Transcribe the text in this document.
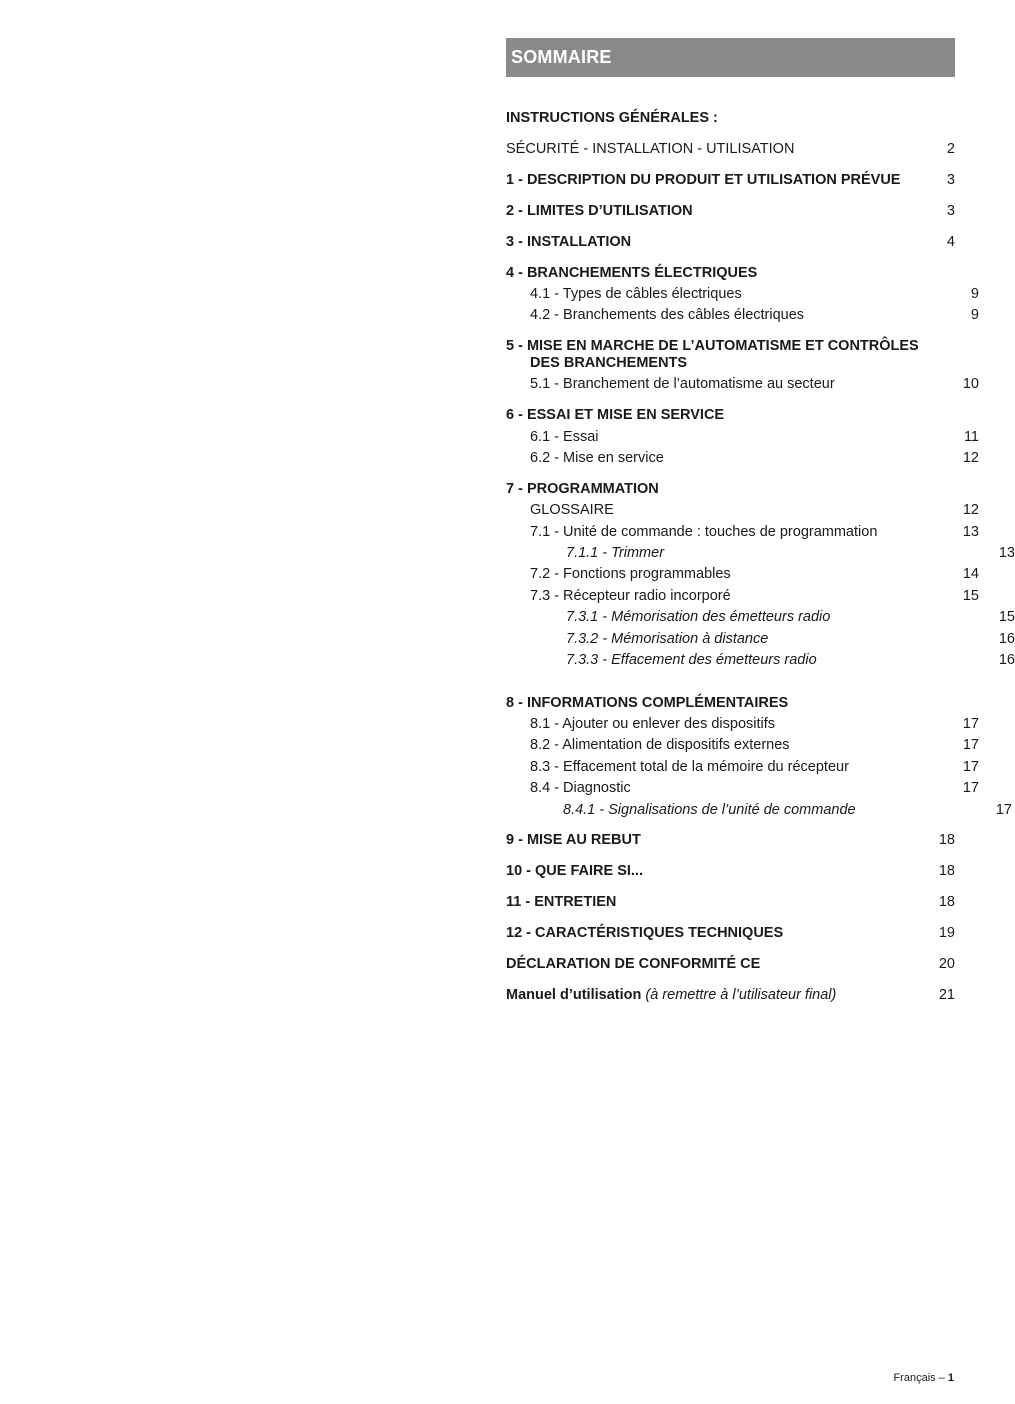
SOMMAIRE
INSTRUCTIONS GÉNÉRALES :
SÉCURITÉ - INSTALLATION - UTILISATION	2
1 - DESCRIPTION DU PRODUIT ET UTILISATION PRÉVUE	3
2 - LIMITES D’UTILISATION	3
3 - INSTALLATION	4
4 - BRANCHEMENTS ÉLECTRIQUES
4.1 - Types de câbles électriques	9
4.2 - Branchements des câbles électriques	9
5 - MISE EN MARCHE DE L’AUTOMATISME ET CONTRÔLES
DES BRANCHEMENTS
5.1 - Branchement de l’automatisme au secteur	10
6 - ESSAI ET MISE EN SERVICE
6.1 - Essai	11
6.2 - Mise en service	12
7 - PROGRAMMATION
GLOSSAIRE	12
7.1 - Unité de commande : touches de programmation	13
7.1.1 - Trimmer	13
7.2 - Fonctions programmables	14
7.3 - Récepteur radio incorporé	15
7.3.1 - Mémorisation des émetteurs radio	15
7.3.2 - Mémorisation à distance	16
7.3.3 - Effacement des émetteurs radio	16
8 - INFORMATIONS COMPLÉMENTAIRES
8.1 - Ajouter ou enlever des dispositifs	17
8.2 - Alimentation de dispositifs externes	17
8.3 - Effacement total de la mémoire du récepteur	17
8.4 - Diagnostic	17
8.4.1 - Signalisations de l’unité de commande	17
9 - MISE AU REBUT	18
10 - QUE FAIRE SI...	18
11 - ENTRETIEN	18
12 - CARACTÉRISTIQUES TECHNIQUES	19
DÉCLARATION DE CONFORMITÉ CE	20
Manuel d’utilisation (à remettre à l’utilisateur final)	21
Français – 1
